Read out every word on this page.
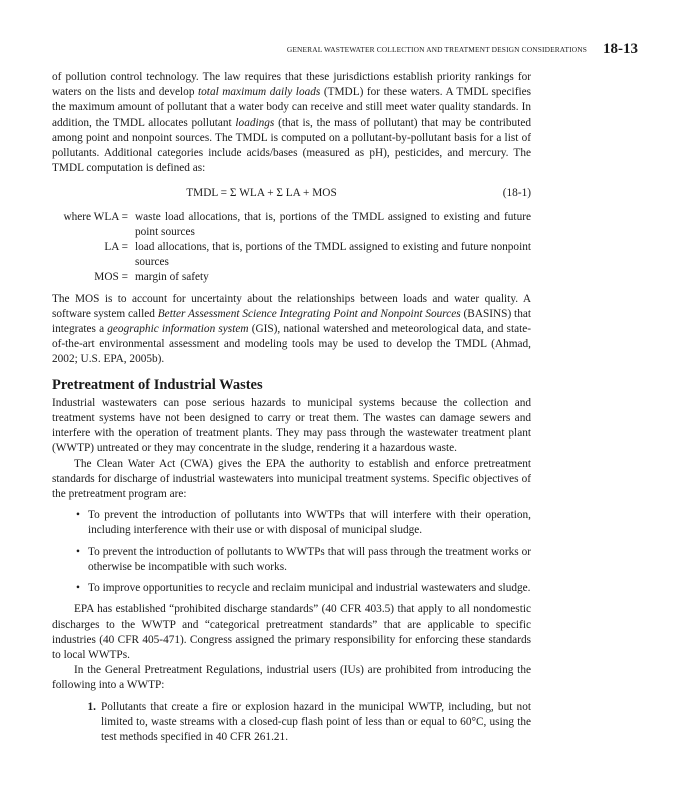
GENERAL WASTEWATER COLLECTION AND TREATMENT DESIGN CONSIDERATIONS 18-13

of pollution control technology. The law requires that these jurisdictions establish priority rankings for waters on the lists and develop total maximum daily loads (TMDL) for these waters. A TMDL specifies the maximum amount of pollutant that a water body can receive and still meet water quality standards. In addition, the TMDL allocates pollutant loadings (that is, the mass of pollutant) that may be contributed among point and nonpoint sources. The TMDL is computed on a pollutant-by-pollutant basis for a list of pollutants. Additional categories include acids/bases (measured as pH), pesticides, and mercury. The TMDL computation is defined as:

TMDL = Σ WLA + Σ LA + MOS	(18-1)
where WLA = waste load allocations, that is, portions of the TMDL assigned to existing and future point sources
LA = load allocations, that is, portions of the TMDL assigned to existing and future nonpoint sources
MOS = margin of safety

The MOS is to account for uncertainty about the relationships between loads and water quality. A software system called Better Assessment Science Integrating Point and Nonpoint Sources (BASINS) that integrates a geographic information system (GIS), national watershed and meteorological data, and state-of-the-art environmental assessment and modeling tools may be used to develop the TMDL (Ahmad, 2002; U.S. EPA, 2005b).

Pretreatment of Industrial Wastes

Industrial wastewaters can pose serious hazards to municipal systems because the collection and treatment systems have not been designed to carry or treat them. The wastes can damage sewers and interfere with the operation of treatment plants. They may pass through the wastewater treatment plant (WWTP) untreated or they may concentrate in the sludge, rendering it a hazardous waste.

The Clean Water Act (CWA) gives the EPA the authority to establish and enforce pretreatment standards for discharge of industrial wastewaters into municipal treatment systems. Specific objectives of the pretreatment program are:

• To prevent the introduction of pollutants into WWTPs that will interfere with their operation, including interference with their use or with disposal of municipal sludge.
• To prevent the introduction of pollutants to WWTPs that will pass through the treatment works or otherwise be incompatible with such works.
• To improve opportunities to recycle and reclaim municipal and industrial wastewaters and sludge.

EPA has established “prohibited discharge standards” (40 CFR 403.5) that apply to all nondomestic discharges to the WWTP and “categorical pretreatment standards” that are applicable to specific industries (40 CFR 405-471). Congress assigned the primary responsibility for enforcing these standards to local WWTPs.

In the General Pretreatment Regulations, industrial users (IUs) are prohibited from introducing the following into a WWTP:

1. Pollutants that create a fire or explosion hazard in the municipal WWTP, including, but not limited to, waste streams with a closed-cup flash point of less than or equal to 60°C, using the test methods specified in 40 CFR 261.21.
